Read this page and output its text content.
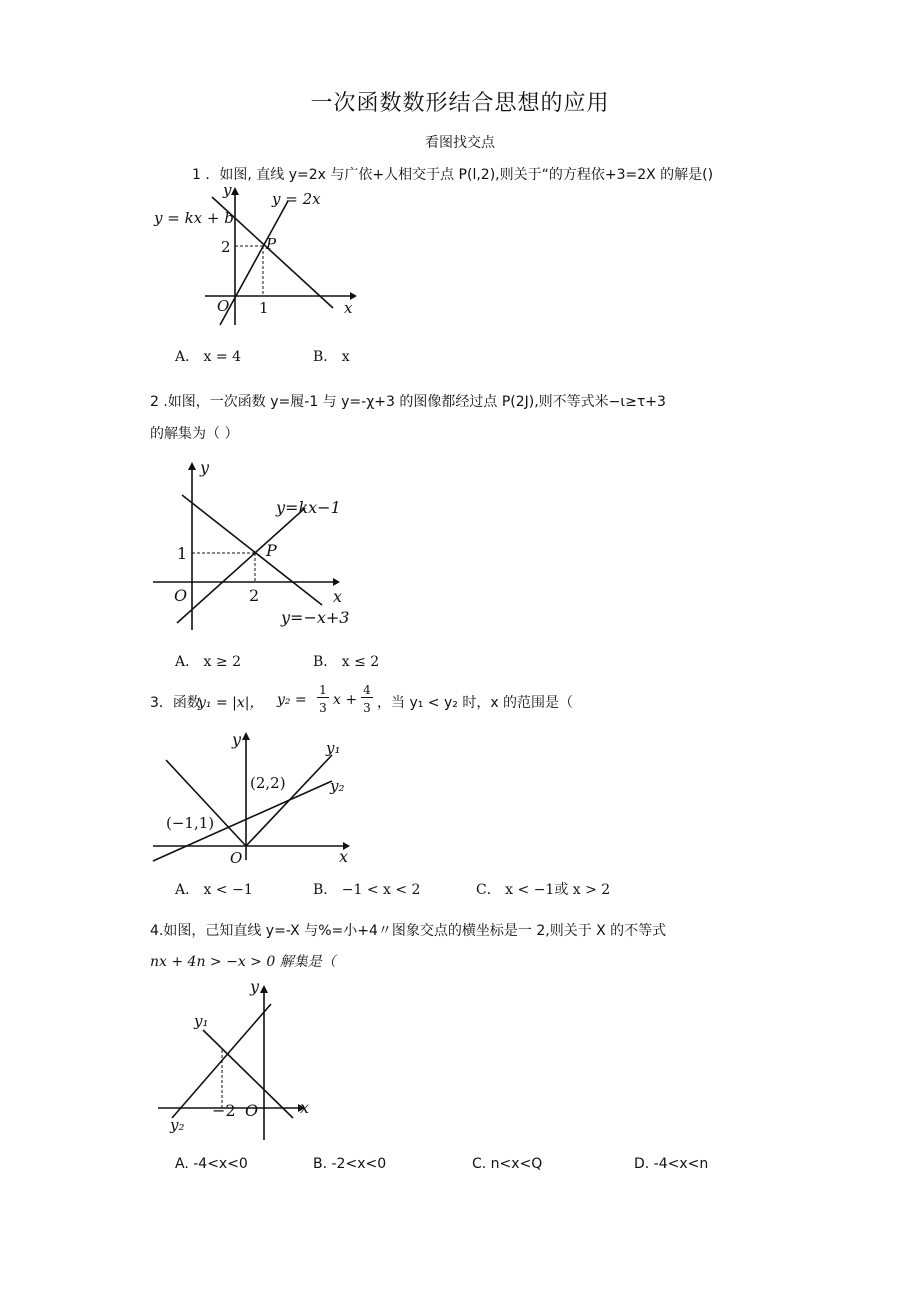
一次函数数形结合思想的应用
看图找交点
1 ．如图, 直线 y=2x 与广依+人相交于点 P(l,2),则关于“的方程依+3=2X 的解是()
y
x
y = kx + b
y = 2x
P
O
2
1
A． x = 4	B． x
2 .如图，一次函数 y=履-1 与 y=-χ+3 的图像都经过点 P(2J),则不等式米−ι≥τ+3
的解集为（ ）
y
x
y=kx−1
y=−x+3
P
O	2
1
A． x ≥ 2	B． x ≤ 2
3．函数
y₁ = |x|， y₂ =
1
3 x +
4
3 ，当 y₁ < y₂ 时，x 的范围是（
y
x
y₁
y₂
(2,2)
(−1,1)
O
A． x < −1	B． −1 < x < 2	C． x < −1或 x > 2
4.如图，己知直线 y=-X 与%=小+4〃图象交点的横坐标是一 2,则关于 X 的不等式
nx + 4n > −x > 0 解集是（
y
x
y₁
y₂
−2 O
A. -4<x<0	B. -2<x<0	C. n<x<Q	D. -4<x<n
